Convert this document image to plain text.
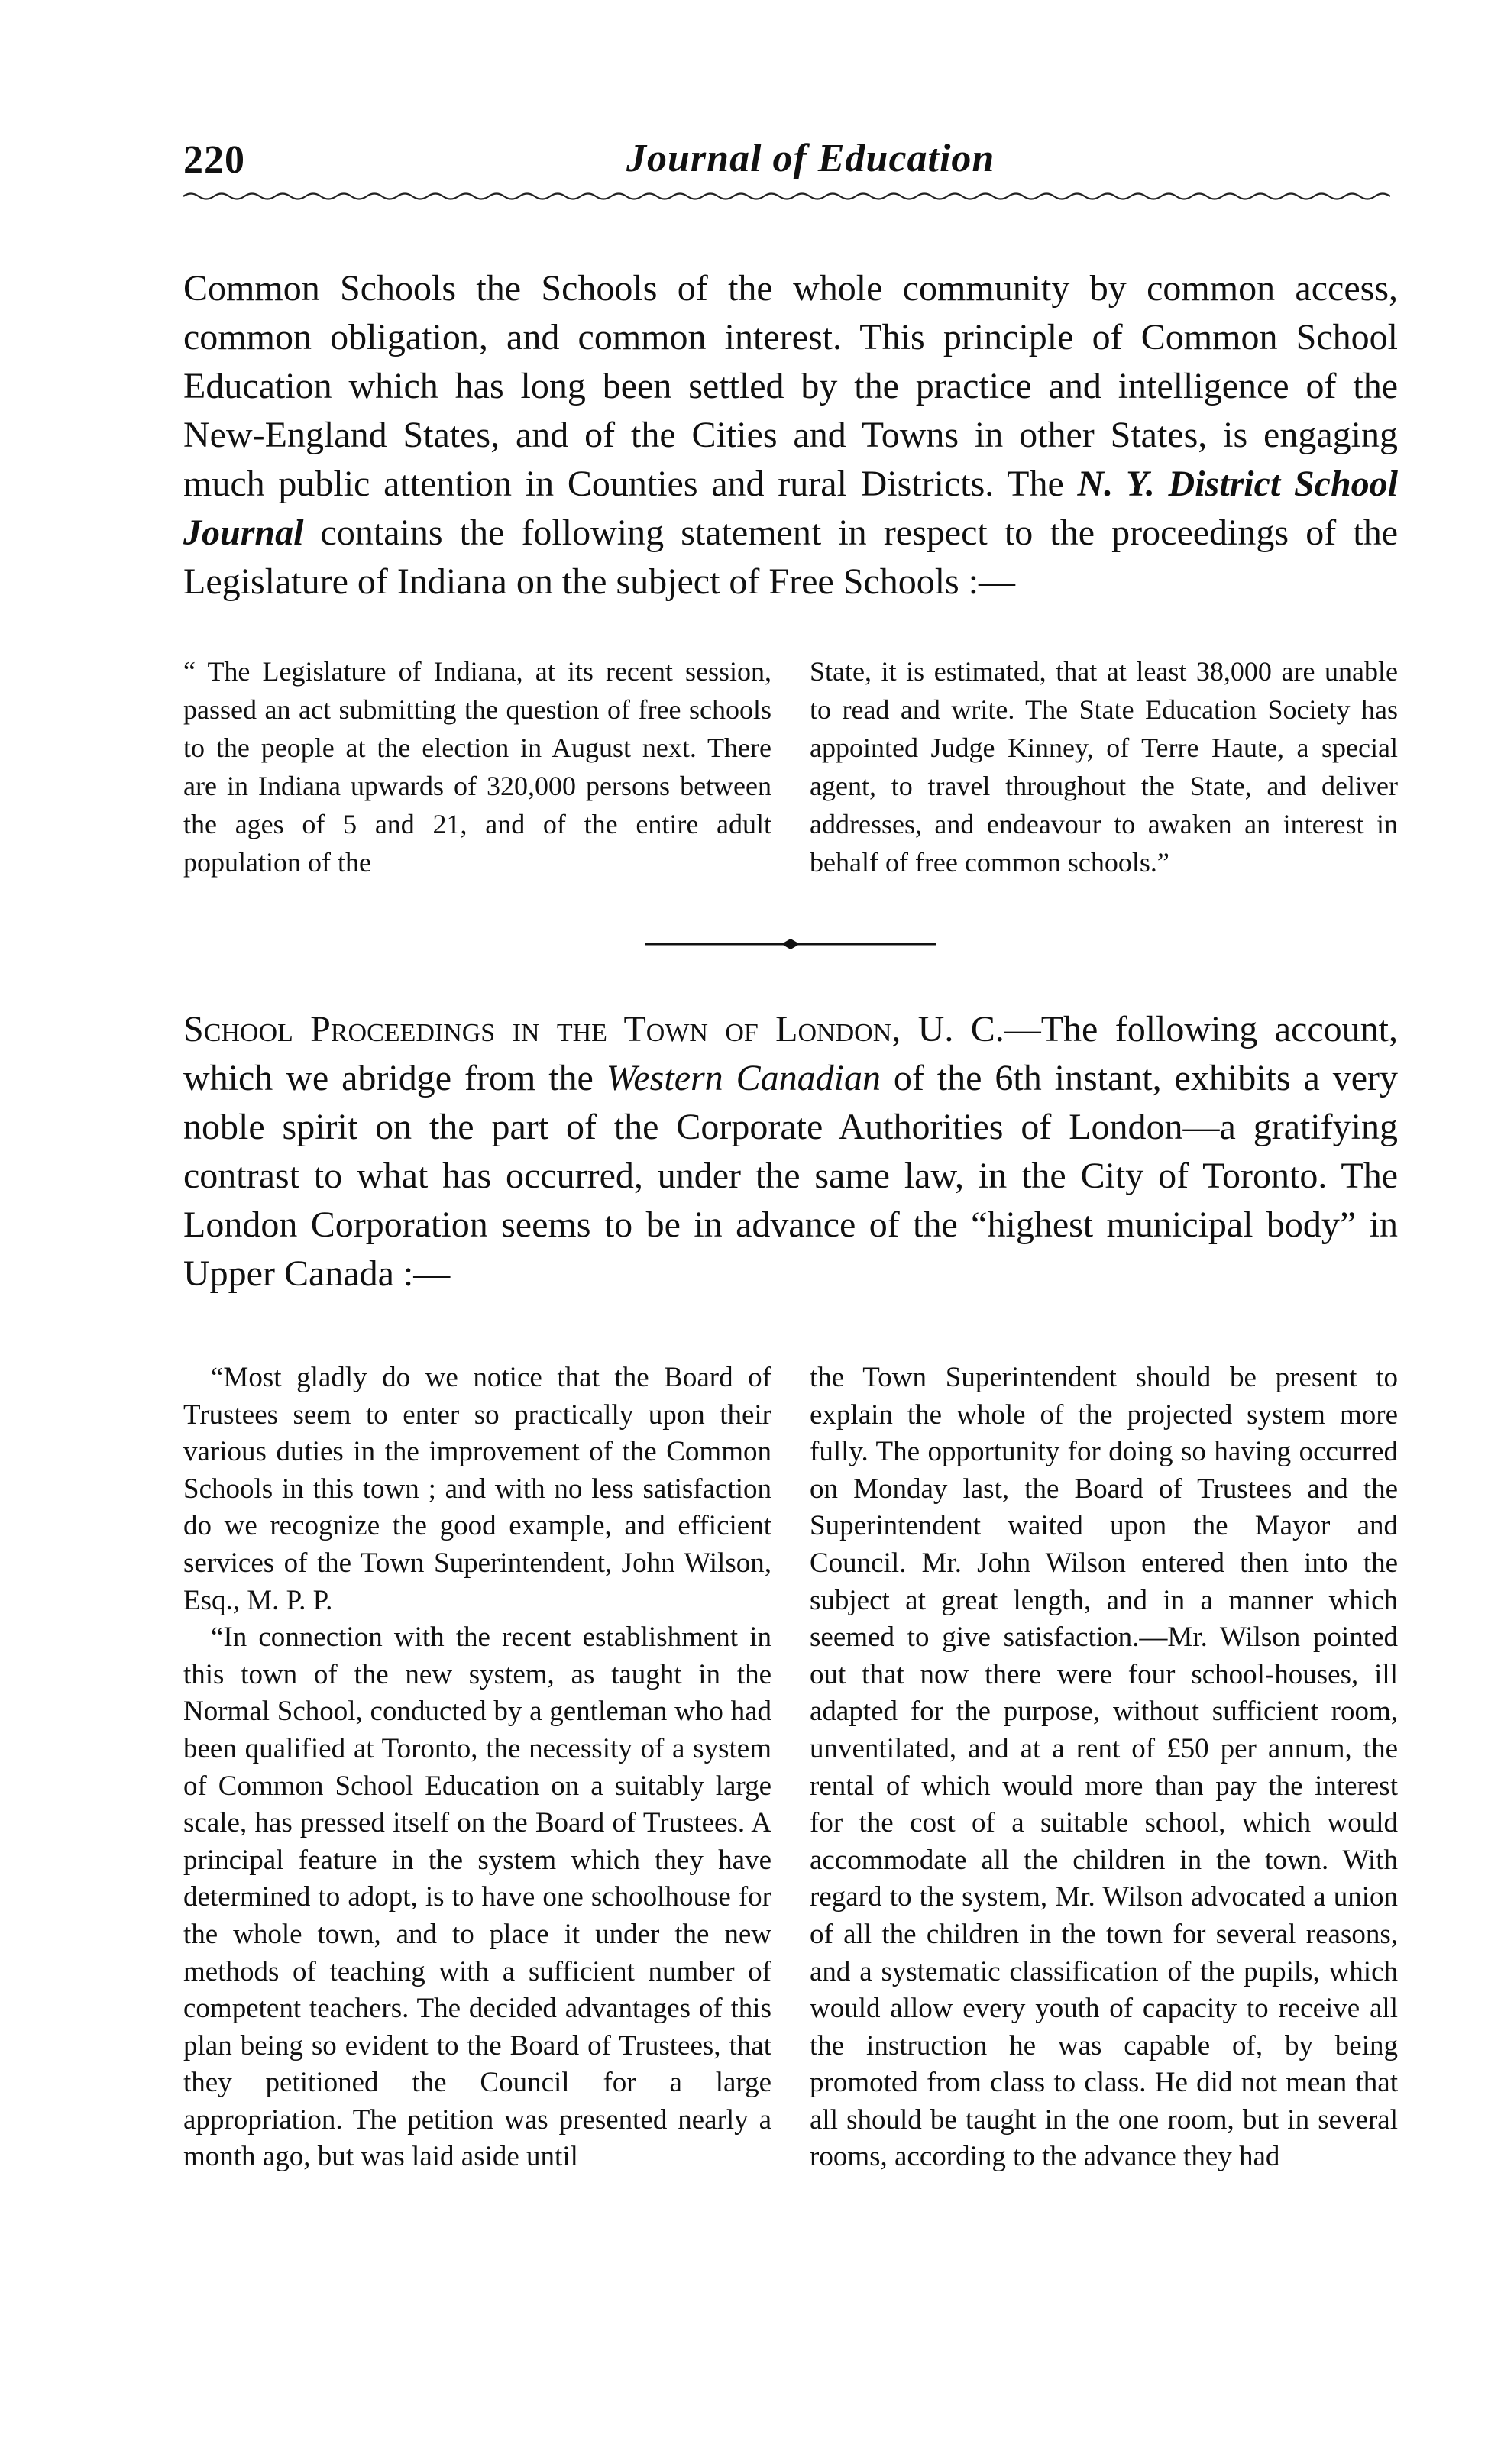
220	Journal of Education

Common Schools the Schools of the whole community by common access, common obligation, and common interest. This principle of Common School Education which has long been settled by the practice and intelligence of the New-England States, and of the Cities and Towns in other States, is engaging much public attention in Counties and rural Districts. The N. Y. District School Journal contains the following statement in respect to the proceedings of the Legislature of Indiana on the subject of Free Schools :—

“ The Legislature of Indiana, at its recent session, passed an act submitting the question of free schools to the people at the election in August next. There are in Indiana upwards of 320,000 persons between the ages of 5 and 21, and of the entire adult population of the
State, it is estimated, that at least 38,000 are unable to read and write. The State Education Society has appointed Judge Kinney, of Terre Haute, a special agent, to travel throughout the State, and deliver addresses, and endeavour to awaken an interest in behalf of free common schools.”

School Proceedings in the Town of London, U. C.—The following account, which we abridge from the Western Canadian of the 6th instant, exhibits a very noble spirit on the part of the Corporate Authorities of London—a gratifying contrast to what has occurred, under the same law, in the City of Toronto. The London Corporation seems to be in advance of the “highest municipal body” in Upper Canada :—

“Most gladly do we notice that the Board of Trustees seem to enter so practically upon their various duties in the improvement of the Common Schools in this town ; and with no less satisfaction do we recognize the good example, and efficient services of the Town Superintendent, John Wilson, Esq., M. P. P.

“In connection with the recent establishment in this town of the new system, as taught in the Normal School, conducted by a gentleman who had been qualified at Toronto, the necessity of a system of Common School Education on a suitably large scale, has pressed itself on the Board of Trustees. A principal feature in the system which they have determined to adopt, is to have one schoolhouse for the whole town, and to place it under the new methods of teaching with a sufficient number of competent teachers. The decided advantages of this plan being so evident to the Board of Trustees, that they petitioned the Council for a large appropriation. The petition was presented nearly a month ago, but was laid aside until

the Town Superintendent should be present to explain the whole of the projected system more fully. The opportunity for doing so having occurred on Monday last, the Board of Trustees and the Superintendent waited upon the Mayor and Council. Mr. John Wilson entered then into the subject at great length, and in a manner which seemed to give satisfaction.—Mr. Wilson pointed out that now there were four school-houses, ill adapted for the purpose, without sufficient room, unventilated, and at a rent of £50 per annum, the rental of which would more than pay the interest for the cost of a suitable school, which would accommodate all the children in the town. With regard to the system, Mr. Wilson advocated a union of all the children in the town for several reasons, and a systematic classification of the pupils, which would allow every youth of capacity to receive all the instruction he was capable of, by being promoted from class to class. He did not mean that all should be taught in the one room, but in several rooms, according to the advance they had
